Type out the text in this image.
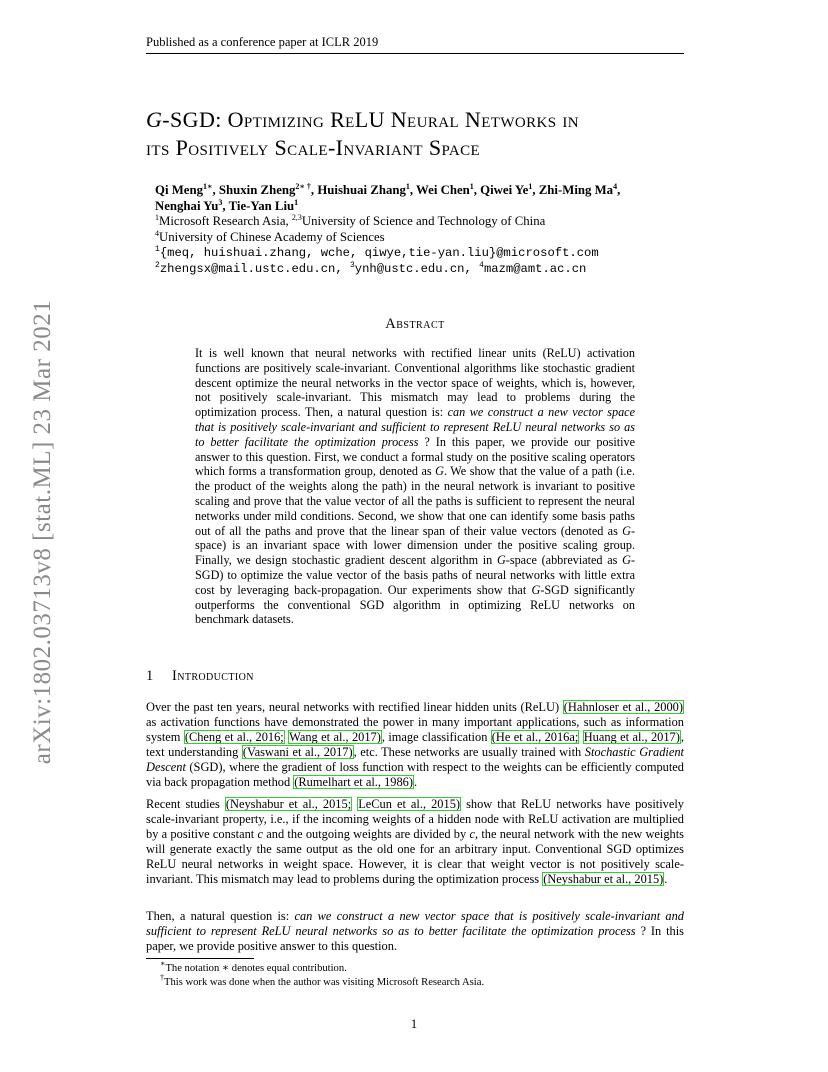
arXiv:1802.03713v8 [stat.ML] 23 Mar 2021
Published as a conference paper at ICLR 2019
G-SGD: Optimizing ReLU Neural Networks in
its Positively Scale-Invariant Space
Qi Meng$^{1∗}$, Shuxin Zheng$^{2∗ \dagger}$, Huishuai Zhang$^1$, Wei Chen$^1$, Qiwei Ye$^1$, Zhi-Ming Ma$^4$,
Nenghai Yu$^3$, Tie-Yan Liu$^1$
$^1$Microsoft Research Asia, $^{2,3}$University of Science and Technology of China
$^4$University of Chinese Academy of Sciences
$^1${meq, huishuai.zhang, wche, qiwye,tie-yan.liu}@microsoft.com
$^2$zhengsx@mail.ustc.edu.cn, $^3$ynh@ustc.edu.cn, $^4$mazm@amt.ac.cn
Abstract
It is well known that neural networks with rectified linear units (ReLU) activation functions are positively scale-invariant. Conventional algorithms like stochastic gradient descent optimize the neural networks in the vector space of weights, which is, however, not positively scale-invariant. This mismatch may lead to problems during the optimization process. Then, a natural question is: can we construct a new vector space that is positively scale-invariant and sufficient to represent ReLU neural networks so as to better facilitate the optimization process ? In this paper, we provide our positive answer to this question. First, we conduct a formal study on the positive scaling operators which forms a transformation group, denoted as G. We show that the value of a path (i.e. the product of the weights along the path) in the neural network is invariant to positive scaling and prove that the value vector of all the paths is sufficient to represent the neural networks under mild conditions. Second, we show that one can identify some basis paths out of all the paths and prove that the linear span of their value vectors (denoted as G-space) is an invariant space with lower dimension under the positive scaling group. Finally, we design stochastic gradient descent algorithm in G-space (abbreviated as G-SGD) to optimize the value vector of the basis paths of neural networks with little extra cost by leveraging back-propagation. Our experiments show that G-SGD significantly outperforms the conventional SGD algorithm in optimizing ReLU networks on benchmark datasets.
1 Introduction
Over the past ten years, neural networks with rectified linear hidden units (ReLU) (Hahnloser et al., 2000) as activation functions have demonstrated the power in many important applications, such as information system (Cheng et al., 2016; Wang et al., 2017), image classification (He et al., 2016a; Huang et al., 2017), text understanding (Vaswani et al., 2017), etc. These networks are usually trained with Stochastic Gradient Descent (SGD), where the gradient of loss function with respect to the weights can be efficiently computed via back propagation method (Rumelhart et al., 1986).
Recent studies (Neyshabur et al., 2015; LeCun et al., 2015) show that ReLU networks have positively scale-invariant property, i.e., if the incoming weights of a hidden node with ReLU activation are multiplied by a positive constant c and the outgoing weights are divided by c, the neural network with the new weights will generate exactly the same output as the old one for an arbitrary input. Conventional SGD optimizes ReLU neural networks in weight space. However, it is clear that weight vector is not positively scale-invariant. This mismatch may lead to problems during the optimization process (Neyshabur et al., 2015).
Then, a natural question is: can we construct a new vector space that is positively scale-invariant and sufficient to represent ReLU neural networks so as to better facilitate the optimization process ? In this paper, we provide positive answer to this question.
∗The notation ∗ denotes equal contribution.
†This work was done when the author was visiting Microsoft Research Asia.
1
